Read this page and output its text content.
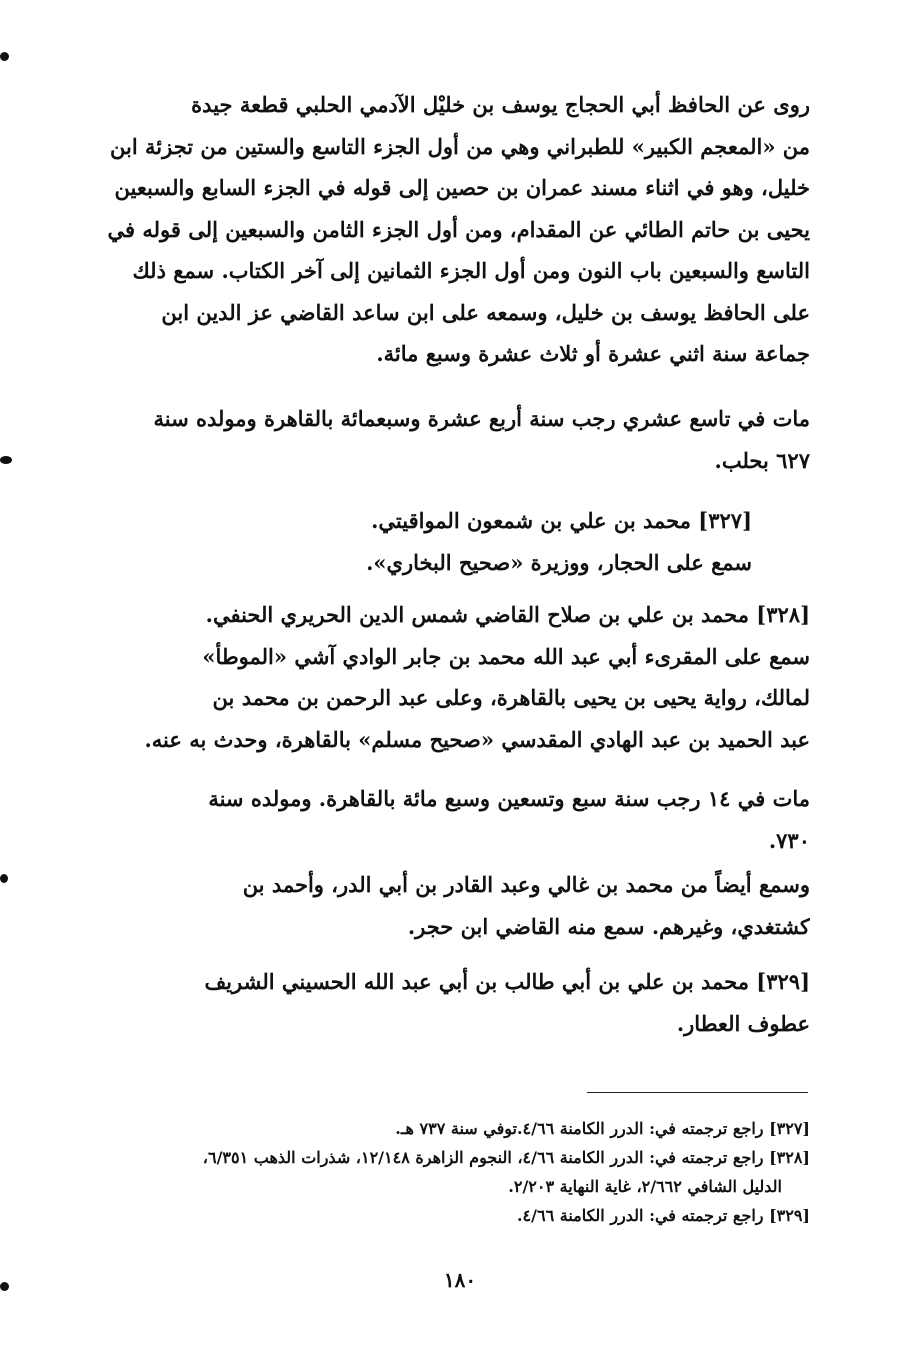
روى عن الحافظ أبي الحجاج يوسف بن خليْل الآدمي الحلبي قطعة جيدة
من «المعجم الكبير» للطبراني وهي من أول الجزء التاسع والستين من تجزئة ابن
خليل، وهو في اثناء مسند عمران بن حصين إلى قوله في الجزء السابع والسبعين
يحيى بن حاتم الطائي عن المقدام، ومن أول الجزء الثامن والسبعين إلى قوله في
التاسع والسبعين باب النون ومن أول الجزء الثمانين إلى آخر الكتاب. سمع ذلك
على الحافظ يوسف بن خليل، وسمعه على ابن ساعد القاضي عز الدين ابن
جماعة سنة اثني عشرة أو ثلاث عشرة وسبع مائة.
مات في تاسع عشري رجب سنة أربع عشرة وسبعمائة بالقاهرة ومولده سنة
٦٢٧ بحلب.
[٣٢٧] محمد بن علي بن شمعون المواقيتي.
سمع على الحجار، ووزيرة «صحيح البخاري».
[٣٢٨] محمد بن علي بن صلاح القاضي شمس الدين الحريري الحنفي.
سمع على المقرىء أبي عبد الله محمد بن جابر الوادي آشي «الموطأ»
لمالك، رواية يحيى بن يحيى بالقاهرة، وعلى عبد الرحمن بن محمد بن
عبد الحميد بن عبد الهادي المقدسي «صحيح مسلم» بالقاهرة، وحدث به عنه.
مات في ١٤ رجب سنة سبع وتسعين وسبع مائة بالقاهرة. ومولده سنة
٧٣٠.
وسمع أيضاً من محمد بن غالي وعبد القادر بن أبي الدر، وأحمد بن
كشتغدي، وغيرهم. سمع منه القاضي ابن حجر.
[٣٢٩] محمد بن علي بن أبي طالب بن أبي عبد الله الحسيني الشريف
عطوف العطار.
[٣٢٧] راجع ترجمته في: الدرر الكامنة ٤/٦٦.توفي سنة ٧٣٧ هـ.
[٣٢٨] راجع ترجمته في: الدرر الكامنة ٤/٦٦، النجوم الزاهرة ١٢/١٤٨، شذرات الذهب ٦/٣٥١،
الدليل الشافي ٢/٦٦٢، غاية النهاية ٢/٢٠٣.
[٣٢٩] راجع ترجمته في: الدرر الكامنة ٤/٦٦.
١٨٠
